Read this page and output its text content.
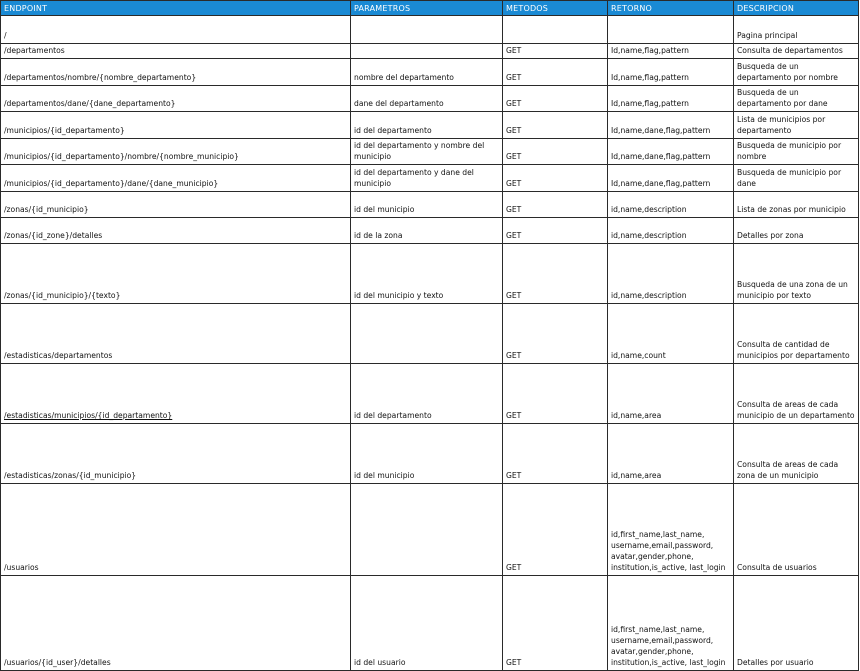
ENDPOINT	PARAMETROS	METODOS	RETORNO	DESCRIPCION
/				Pagina principal
/departamentos		GET	Id,name,flag,pattern	Consulta de departamentos
/departamentos/nombre/{nombre_departamento}	nombre del departamento	GET	Id,name,flag,pattern	Busqueda de un departamento por nombre
/departamentos/dane/{dane_departamento}	dane del departamento	GET	Id,name,flag,pattern	Busqueda de un departamento por dane
/municipios/{id_departamento}	id del departamento	GET	Id,name,dane,flag,pattern	Lista de municipios por departamento
/municipios/{id_departamento}/nombre/{nombre_municipio}	id del departamento y nombre del municipio	GET	Id,name,dane,flag,pattern	Busqueda de municipio por nombre
/municipios/{id_departamento}/dane/{dane_municipio}	id del departamento y dane del municipio	GET	Id,name,dane,flag,pattern	Busqueda de municipio por dane
/zonas/{id_municipio}	id del municipio	GET	id,name,description	Lista de zonas por municipio
/zonas/{id_zone}/detalles	id de la zona	GET	id,name,description	Detalles por zona
/zonas/{id_municipio}/{texto}	id del municipio y texto	GET	id,name,description	Busqueda de una zona de un municipio por texto
/estadisticas/departamentos		GET	id,name,count	Consulta de cantidad de municipios por departamento
/estadisticas/municipios/{id_departamento}	id del departamento	GET	id,name,area	Consulta de areas de cada municipio de un departamento
/estadisticas/zonas/{id_municipio}	id del municipio	GET	id,name,area	Consulta de areas de cada zona de un municipio
/usuarios		GET	id,first_name,last_name, username,email,password, avatar,gender,phone, institution,is_active, last_login	Consulta de usuarios
/usuarios/{id_user}/detalles	id del usuario	GET	id,first_name,last_name, username,email,password, avatar,gender,phone, institution,is_active, last_login	Detalles por usuario
